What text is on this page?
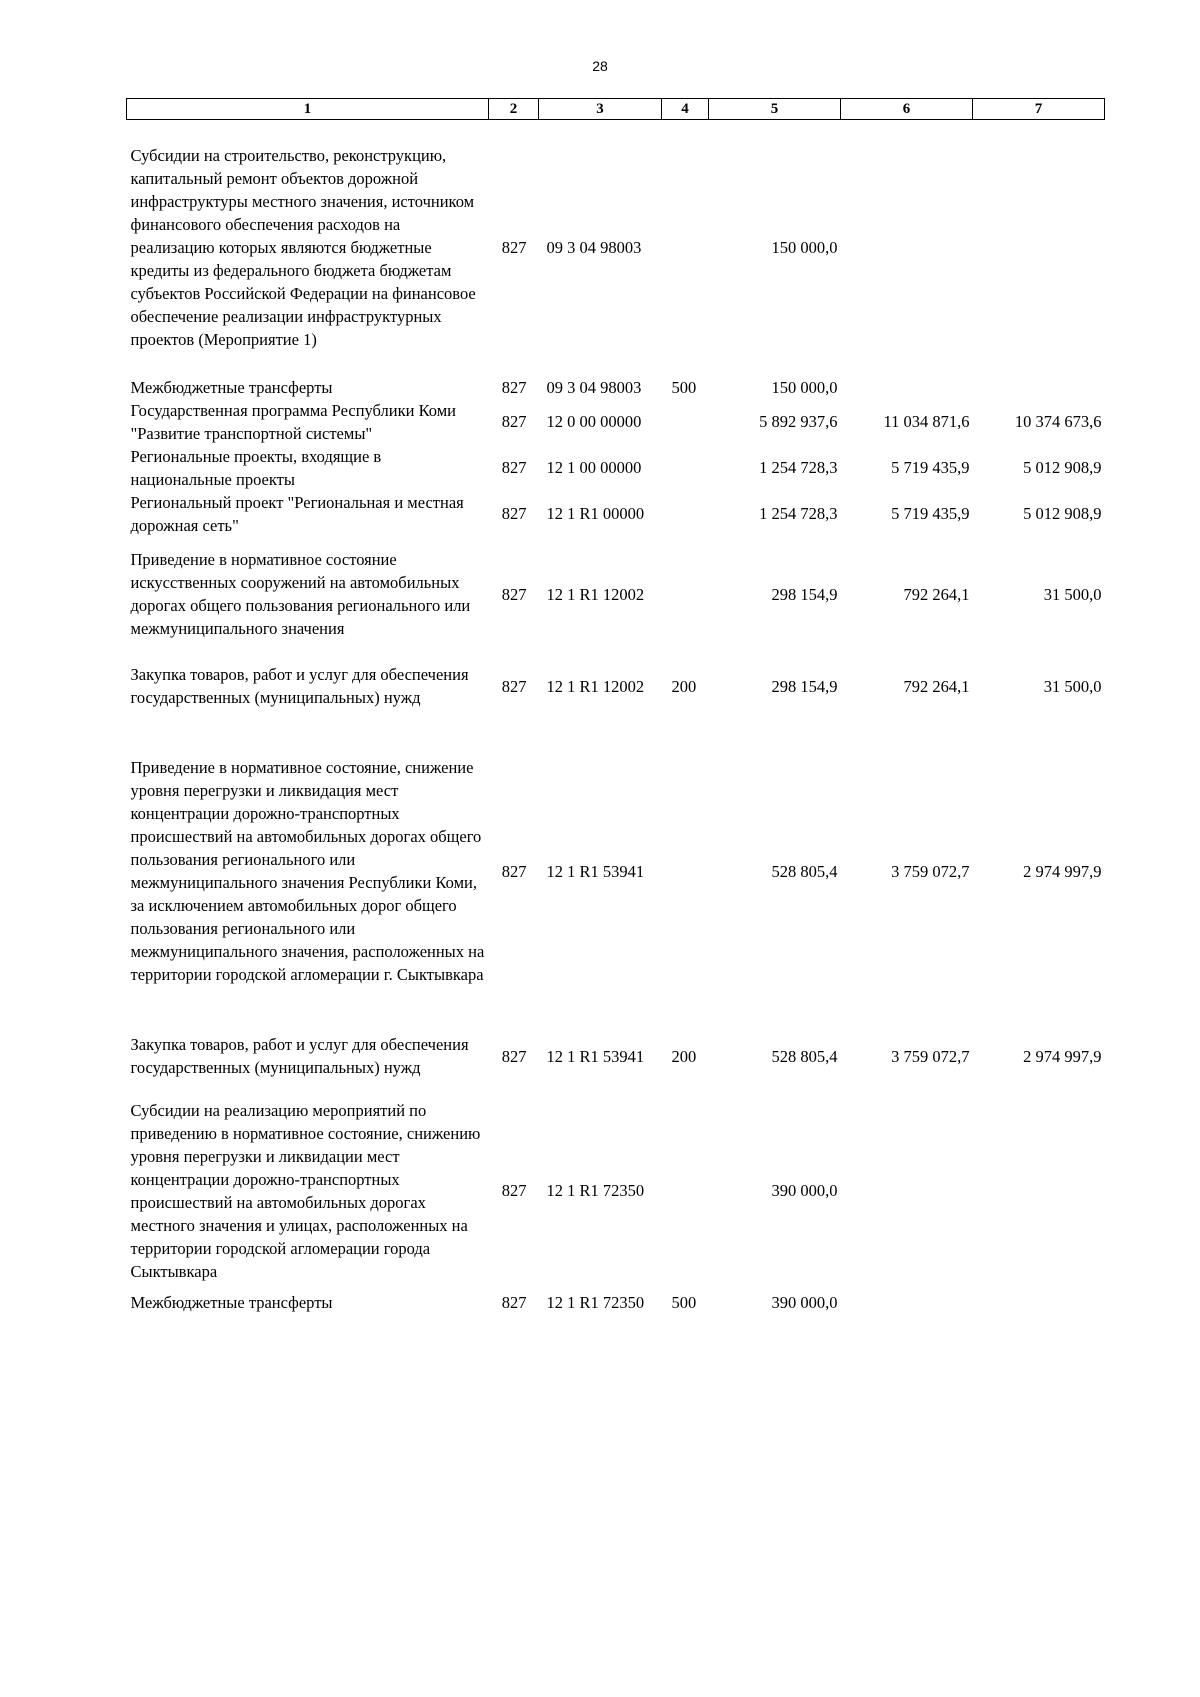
28
1	2	3	4	5	6	7
Субсидии на строительство, реконструкцию, капитальный ремонт объектов дорожной инфраструктуры местного значения, источником финансового обеспечения расходов на реализацию которых являются бюджетные кредиты из федерального бюджета бюджетам субъектов Российской Федерации на финансовое обеспечение реализации инфраструктурных проектов (Мероприятие 1)	827	09 3 04 98003		150 000,0		
Межбюджетные трансферты	827	09 3 04 98003	500	150 000,0		
Государственная программа Республики Коми "Развитие транспортной системы"	827	12 0 00 00000		5 892 937,6	11 034 871,6	10 374 673,6
Региональные проекты, входящие в национальные проекты	827	12 1 00 00000		1 254 728,3	5 719 435,9	5 012 908,9
Региональный проект "Региональная и местная дорожная сеть"	827	12 1 R1 00000		1 254 728,3	5 719 435,9	5 012 908,9
Приведение в нормативное состояние искусственных сооружений на автомобильных дорогах общего пользования регионального или межмуниципального значения	827	12 1 R1 12002		298 154,9	792 264,1	31 500,0
Закупка товаров, работ и услуг для обеспечения государственных (муниципальных) нужд	827	12 1 R1 12002	200	298 154,9	792 264,1	31 500,0
Приведение в нормативное состояние, снижение уровня перегрузки и ликвидация мест концентрации дорожно-транспортных происшествий на автомобильных дорогах общего пользования регионального или межмуниципального значения Республики Коми, за исключением автомобильных дорог общего пользования регионального или межмуниципального значения, расположенных на территории городской агломерации г. Сыктывкара	827	12 1 R1 53941		528 805,4	3 759 072,7	2 974 997,9
Закупка товаров, работ и услуг для обеспечения государственных (муниципальных) нужд	827	12 1 R1 53941	200	528 805,4	3 759 072,7	2 974 997,9
Субсидии на реализацию мероприятий по приведению в нормативное состояние, снижению уровня перегрузки и ликвидации мест концентрации дорожно-транспортных происшествий на автомобильных дорогах местного значения и улицах, расположенных на территории городской агломерации города Сыктывкара	827	12 1 R1 72350		390 000,0		
Межбюджетные трансферты	827	12 1 R1 72350	500	390 000,0		
